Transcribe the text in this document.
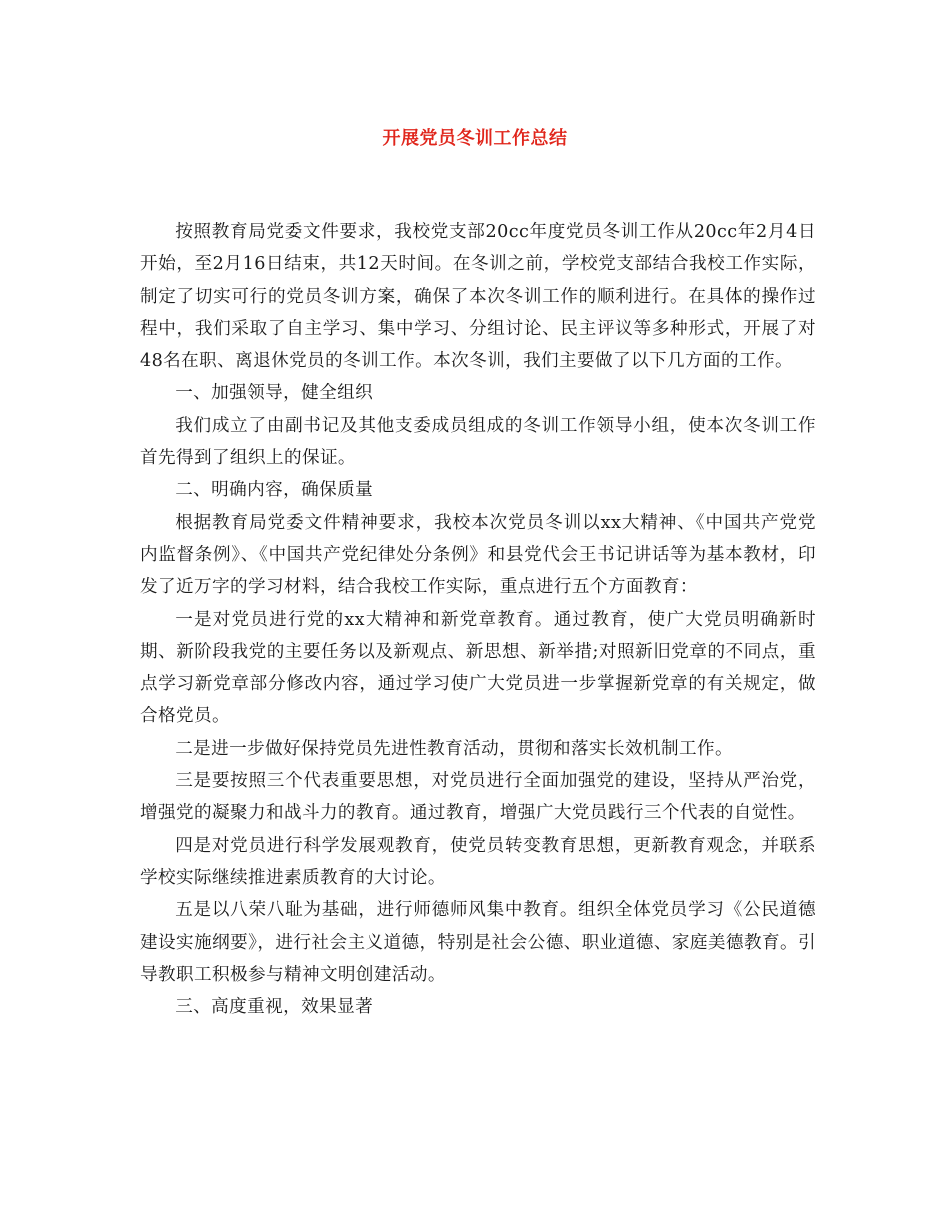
开展党员冬训工作总结

按照教育局党委文件要求，我校党支部20cc年度党员冬训工作从20cc年2月4日开始，至2月16日结束，共12天时间。在冬训之前，学校党支部结合我校工作实际，制定了切实可行的党员冬训方案，确保了本次冬训工作的顺利进行。在具体的操作过程中，我们采取了自主学习、集中学习、分组讨论、民主评议等多种形式，开展了对48名在职、离退休党员的冬训工作。本次冬训，我们主要做了以下几方面的工作。

一、加强领导，健全组织

我们成立了由副书记及其他支委成员组成的冬训工作领导小组，使本次冬训工作首先得到了组织上的保证。

二、明确内容，确保质量

根据教育局党委文件精神要求，我校本次党员冬训以xx大精神、《中国共产党党内监督条例》、《中国共产党纪律处分条例》和县党代会王书记讲话等为基本教材，印发了近万字的学习材料，结合我校工作实际，重点进行五个方面教育：

一是对党员进行党的xx大精神和新党章教育。通过教育，使广大党员明确新时期、新阶段我党的主要任务以及新观点、新思想、新举措;对照新旧党章的不同点，重点学习新党章部分修改内容，通过学习使广大党员进一步掌握新党章的有关规定，做合格党员。

二是进一步做好保持党员先进性教育活动，贯彻和落实长效机制工作。

三是要按照三个代表重要思想，对党员进行全面加强党的建设，坚持从严治党，增强党的凝聚力和战斗力的教育。通过教育，增强广大党员践行三个代表的自觉性。

四是对党员进行科学发展观教育，使党员转变教育思想，更新教育观念，并联系学校实际继续推进素质教育的大讨论。

五是以八荣八耻为基础，进行师德师风集中教育。组织全体党员学习《公民道德建设实施纲要》，进行社会主义道德，特别是社会公德、职业道德、家庭美德教育。引导教职工积极参与精神文明创建活动。

三、高度重视，效果显著
